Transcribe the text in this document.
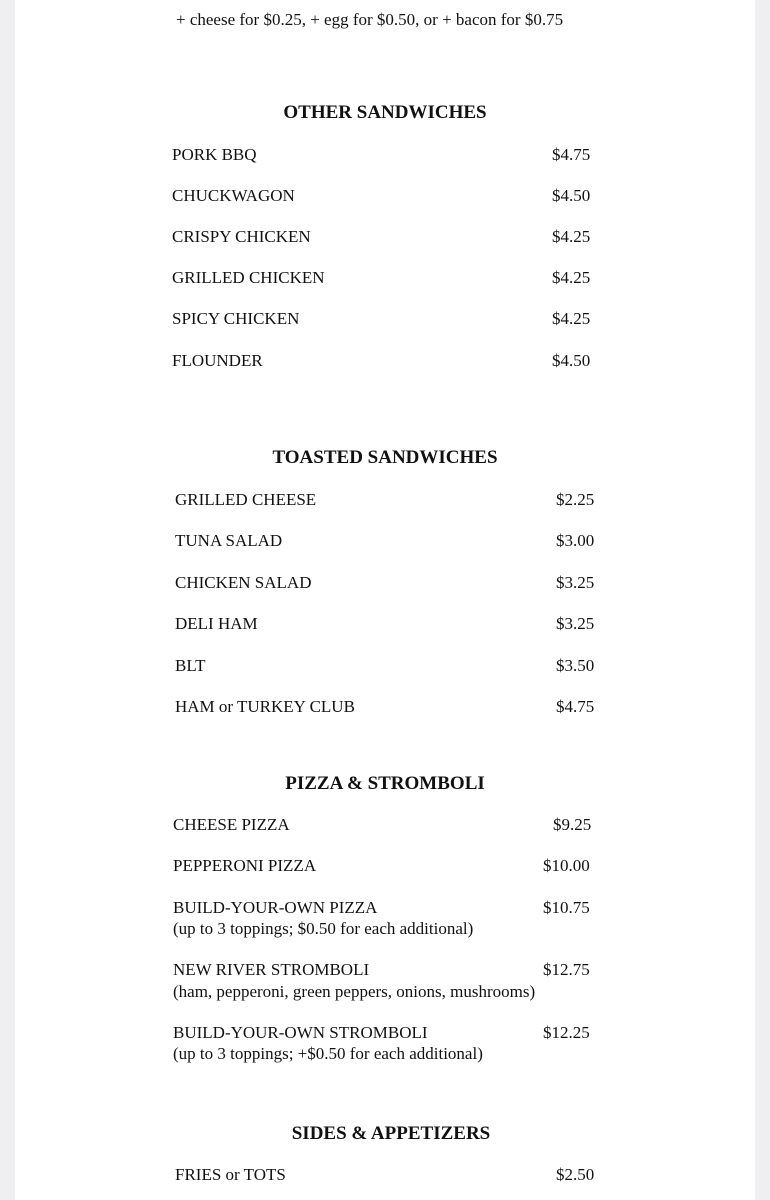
+ cheese for $0.25, + egg for $0.50, or + bacon for $0.75
OTHER SANDWICHES
PORK BBQ	$4.75
CHUCKWAGON	$4.50
CRISPY CHICKEN	$4.25
GRILLED CHICKEN	$4.25
SPICY CHICKEN	$4.25
FLOUNDER	$4.50
TOASTED SANDWICHES
GRILLED CHEESE	$2.25
TUNA SALAD	$3.00
CHICKEN SALAD	$3.25
DELI HAM	$3.25
BLT	$3.50
HAM or TURKEY CLUB	$4.75
PIZZA & STROMBOLI
CHEESE PIZZA	$9.25
PEPPERONI PIZZA	$10.00
BUILD-YOUR-OWN PIZZA	$10.75
(up to 3 toppings; $0.50 for each additional)
NEW RIVER STROMBOLI	$12.75
(ham, pepperoni, green peppers, onions, mushrooms)
BUILD-YOUR-OWN STROMBOLI	$12.25
(up to 3 toppings; +$0.50 for each additional)
SIDES & APPETIZERS
FRIES or TOTS	$2.50
